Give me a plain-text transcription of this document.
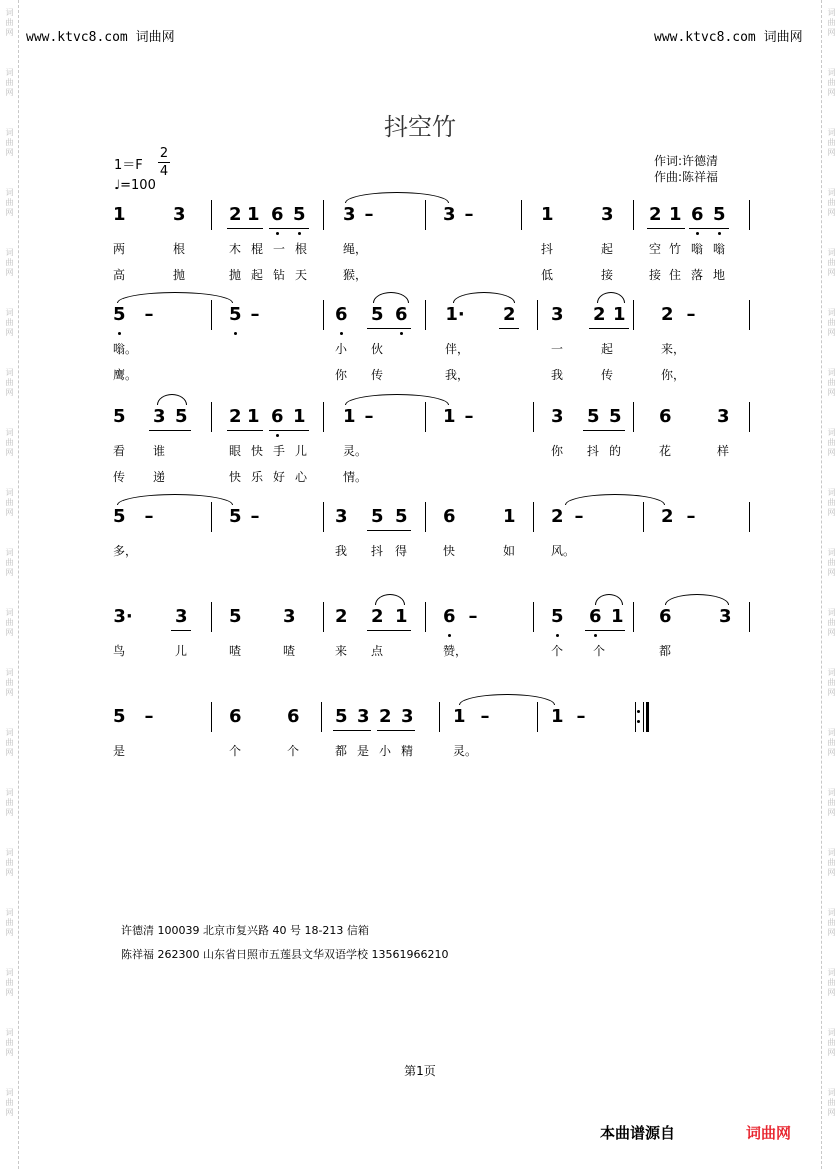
词曲网
词曲网
词曲网
词曲网
词曲网
词曲网
词曲网
词曲网
词曲网
词曲网
词曲网
词曲网
词曲网
词曲网
词曲网
词曲网
词曲网
词曲网
词曲网
词曲网
词曲网
词曲网
词曲网
词曲网
词曲网
词曲网
词曲网
词曲网
词曲网
词曲网
词曲网
词曲网
词曲网
词曲网
词曲网
词曲网
词曲网
词曲网
www.ktvc8.com 词曲网	www.ktvc8.com 词曲网
抖空竹
1＝F
2
4
♩=100
作词:许德清
作曲:陈祥福
1	3 2 1 6 5 3 –	3 –	1	3 2 1 6 5
两	根	木 棍 一 根	绳，	抖	起	空 竹 嗡 嗡
高	抛	抛 起 钻 天	猴，	低	接	接 住 落 地
5 –	5 –	6 5 6 1· 2 3 2 1 2 –
嗡。	小 伙	伴，	一	起	来，
鹰。	你 传	我，	我	传	你，
5 3 5 2 1 6 1 1 –	1 –	3 5 5 6	3
看 谁	眼 快 手 儿	灵。	你 抖 的	花	样
传 递	快 乐 好 心	情。
5 –	5 –	3 5 5 6	1 2 –	2 –
多，	我 抖 得	快	如	风。
3· 3 5 3 2 2 1 6 –	5 6 1 6	3
鸟	儿	喳	喳	来 点	赞，	个 个	都
5 –	6	6 5 3 2 3 1 –	1 –
是	个	个	都 是 小 精	灵。
许德清 100039 北京市复兴路 40 号 18-213 信箱
陈祥福 262300 山东省日照市五莲县文华双语学校 13561966210
第1页
本曲谱源自	词曲网
